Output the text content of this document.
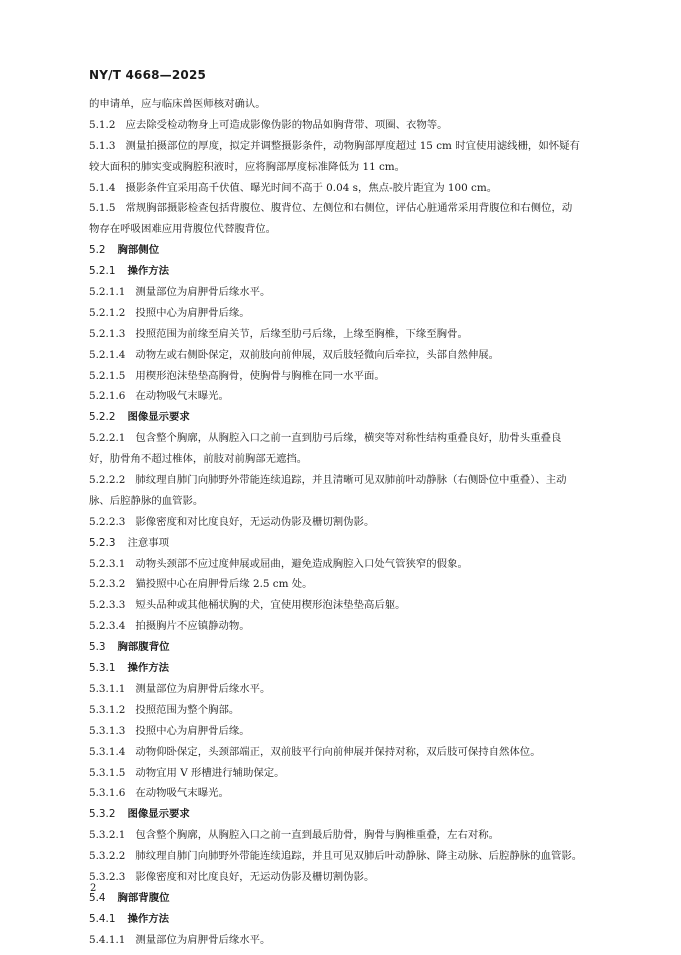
NY/T 4668—2025
的申请单，应与临床兽医师核对确认。
5.1.2 应去除受检动物身上可造成影像伪影的物品如胸背带、项圈、衣物等。
5.1.3 测量拍摄部位的厚度，拟定并调整摄影条件，动物胸部厚度超过 15 cm 时宜使用滤线栅，如怀疑有
较大面积的肺实变或胸腔积液时，应将胸部厚度标准降低为 11 cm。
5.1.4 摄影条件宜采用高千伏值、曝光时间不高于 0.04 s，焦点-胶片距宜为 100 cm。
5.1.5 常规胸部摄影检查包括背腹位、腹背位、左侧位和右侧位，评估心脏通常采用背腹位和右侧位，动
物存在呼吸困难应用背腹位代替腹背位。
5.2 胸部侧位
5.2.1 操作方法
5.2.1.1 测量部位为肩胛骨后缘水平。
5.2.1.2 投照中心为肩胛骨后缘。
5.2.1.3 投照范围为前缘至肩关节，后缘至肋弓后缘，上缘至胸椎，下缘至胸骨。
5.2.1.4 动物左或右侧卧保定，双前肢向前伸展，双后肢轻微向后牵拉，头部自然伸展。
5.2.1.5 用楔形泡沫垫垫高胸骨，使胸骨与胸椎在同一水平面。
5.2.1.6 在动物吸气末曝光。
5.2.2 图像显示要求
5.2.2.1 包含整个胸廓，从胸腔入口之前一直到肋弓后缘，横突等对称性结构重叠良好，肋骨头重叠良
好，肋骨角不超过椎体，前肢对前胸部无遮挡。
5.2.2.2 肺纹理自肺门向肺野外带能连续追踪，并且清晰可见双肺前叶动静脉（右侧卧位中重叠）、主动
脉、后腔静脉的血管影。
5.2.2.3 影像密度和对比度良好，无运动伪影及栅切割伪影。
5.2.3 注意事项
5.2.3.1 动物头颈部不应过度伸展或屈曲，避免造成胸腔入口处气管狭窄的假象。
5.2.3.2 猫投照中心在肩胛骨后缘 2.5 cm 处。
5.2.3.3 短头品种或其他桶状胸的犬，宜使用楔形泡沫垫垫高后躯。
5.2.3.4 拍摄胸片不应镇静动物。
5.3 胸部腹背位
5.3.1 操作方法
5.3.1.1 测量部位为肩胛骨后缘水平。
5.3.1.2 投照范围为整个胸部。
5.3.1.3 投照中心为肩胛骨后缘。
5.3.1.4 动物仰卧保定，头颈部端正，双前肢平行向前伸展并保持对称，双后肢可保持自然体位。
5.3.1.5 动物宜用 V 形槽进行辅助保定。
5.3.1.6 在动物吸气末曝光。
5.3.2 图像显示要求
5.3.2.1 包含整个胸廓，从胸腔入口之前一直到最后肋骨，胸骨与胸椎重叠，左右对称。
5.3.2.2 肺纹理自肺门向肺野外带能连续追踪，并且可见双肺后叶动静脉、降主动脉、后腔静脉的血管影。
5.3.2.3 影像密度和对比度良好，无运动伪影及栅切割伪影。
5.4 胸部背腹位
5.4.1 操作方法
5.4.1.1 测量部位为肩胛骨后缘水平。
2
